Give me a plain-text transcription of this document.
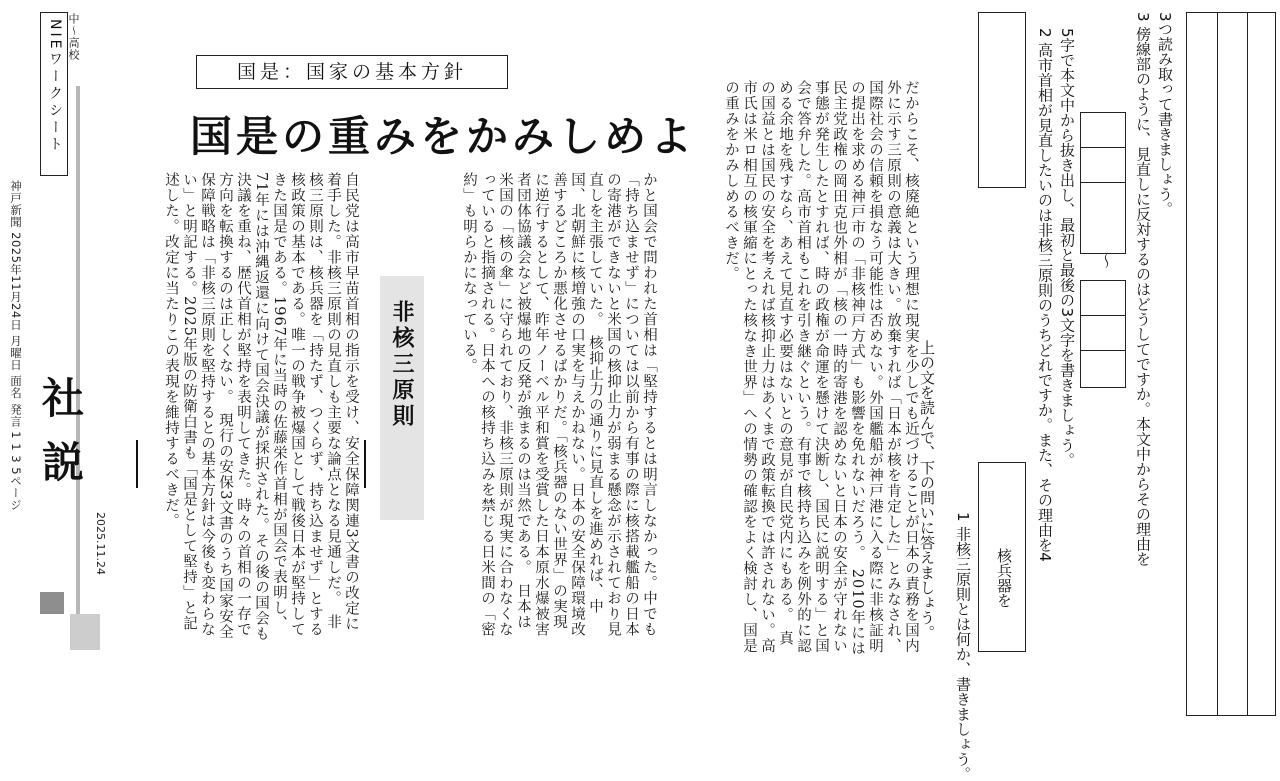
NIEワークシート 中〜高校
神戸新聞 2025年11月24日 月曜日 面名 発言 1 1 3 5ページ
2025.11.24
社説
国是：国家の基本方針
国是の重みをかみしめよ
非核三原則
自民党は高市早苗首相の指示を受け、安全保障関連3文書の改定に着手した。非核三原則の見直しも主要な論点となる見通しだ。　非核三原則は、核兵器を「持たず、つくらず、持ち込ませず」とする核政策の基本である。唯一の戦争被爆国として戦後日本が堅持してきた国是である。1967年に当時の佐藤栄作首相が国会で表明し、71年には沖縄返還に向けて国会決議が採択された。その後の国会も決議を重ね、歴代首相が堅持を表明してきた。時々の首相の一存で方向を転換するのは正しくない。　現行の安保3文書のうち国家安全保障戦略は「非核三原則を堅持するとの基本方針は今後も変わらない」と明記する。2025年版の防衛白書も「国是として堅持」と記述した。改定に当たりこの表現を維持するべきだ。	かと国会で問われた首相は「堅持するとは明言しなかった。中でも「持ち込ませず」については以前から有事の際に核搭載艦船の日本の寄港ができないと米国の核抑止力が弱まる懸念が示されており見直しを主張していた。　核抑止力の通りに見直しを進めれば、中国、北朝鮮に核増強の口実を与えかねない。日本の安全保障環境改善するどころか悪化させるばかりだ。「核兵器のない世界」の実現に逆行するとして、昨年ノーベル平和賞を受賞した日本原水爆被害者団体協議会など被爆地の反発が強まるのは当然である。　日本は米国の「核の傘」に守られており、非核三原則が現実に合わなくなっていると指摘される。日本への核持ち込みを禁じる日米間の「密約」も明らかになっている。	だからこそ、核廃絶という理想に現実を少しでも近づけることが日本の責務を国内外に示す三原則の意義は大きい。放棄すれば「日本が核を肯定した」とみなされ、国際社会の信頼を損なう可能性は否めない。外国艦船が神戸港に入る際に非核証明の提出を求める神戸市の「非核神戸方式」も影響を免れないだろう。　2010年には民主党政権の岡田克也外相が「核の一時的寄港を認めないと日本の安全が守れない事態が発生したとすれば、時の政権が命運を懸けて決断し、国民に説明する」と国会で答弁した。高市首相もこれを引き継ぐという。有事で核持ち込みを例外的に認める余地を残すなら、あえて見直す必要はないとの意見が自民党内にもある。　真の国益とは国民の安全を考えれば核抑止力はあくまで政策転換では許されない。高市氏は米ロ相互の核軍縮にとった核なき世界」への情勢の確認をよく検討し、国是の重みをかみしめるべきだ。
上の文を読んで、下の問いに答えましょう。
1 非核三原則とは何か、書きましょう。 核兵器を
2 高市首相が見直したいのは非核三原則のうちどれですか。また、その理由を4 5字で本文中から抜き出し、最初と最後の3文字を書きましょう。 〜 3 傍線部のように、見直しに反対するのはどうしてですか。本文中からその理由を 3つ読み取って書きましょう。
